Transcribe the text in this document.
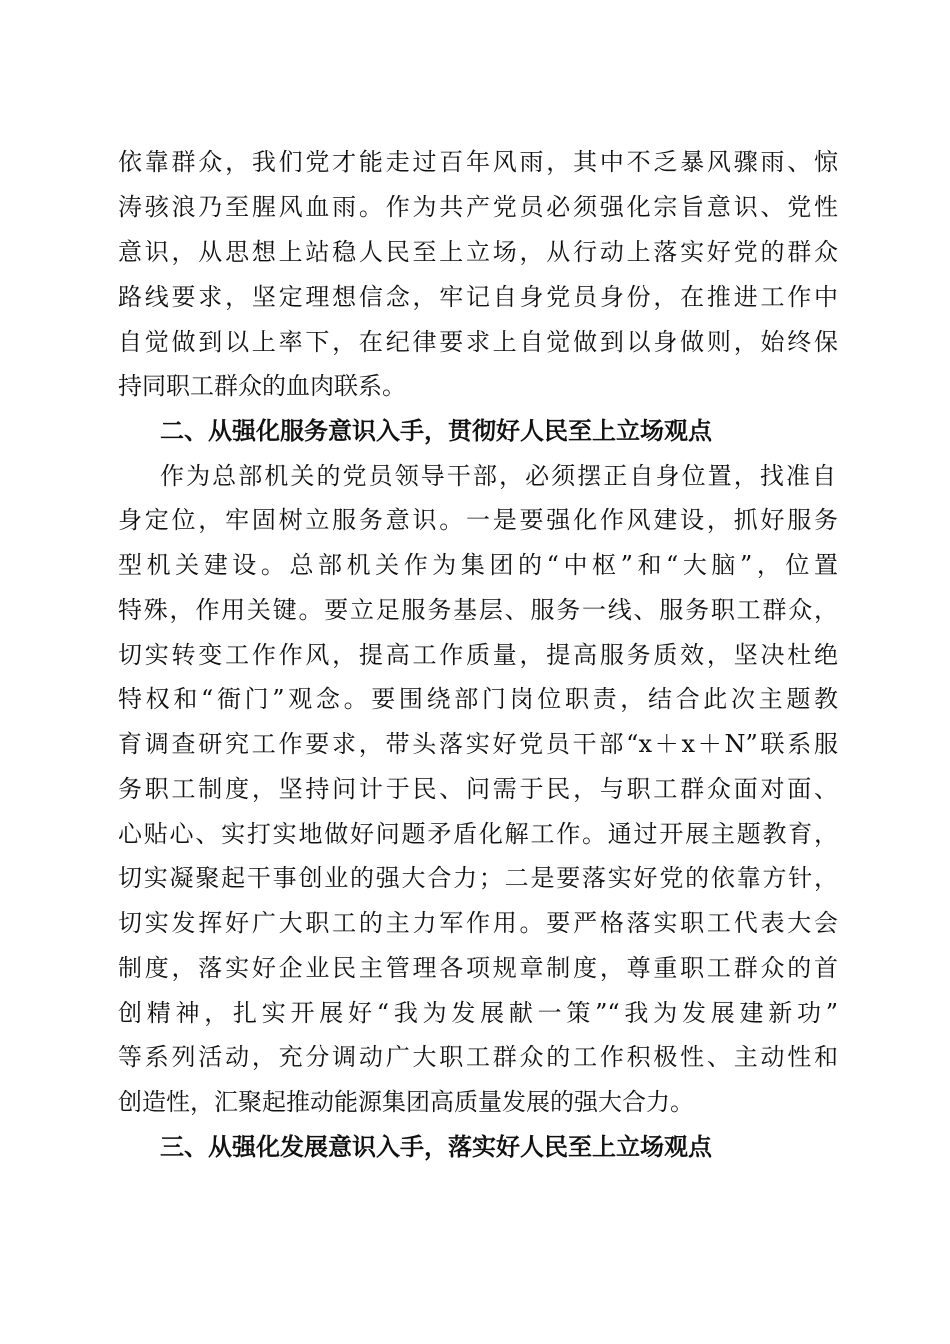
依靠群众，我们党才能走过百年风雨，其中不乏暴风骤雨、惊
涛骇浪乃至腥风血雨。作为共产党员必须强化宗旨意识、党性
意识，从思想上站稳人民至上立场，从行动上落实好党的群众
路线要求，坚定理想信念，牢记自身党员身份，在推进工作中
自觉做到以上率下，在纪律要求上自觉做到以身做则，始终保
持同职工群众的血肉联系。
二、从强化服务意识入手，贯彻好人民至上立场观点
作为总部机关的党员领导干部，必须摆正自身位置，找准自
身定位，牢固树立服务意识。一是要强化作风建设，抓好服务
型机关建设。总部机关作为集团的“中枢”和“大脑”，位置
特殊，作用关键。要立足服务基层、服务一线、服务职工群众，
切实转变工作作风，提高工作质量，提高服务质效，坚决杜绝
特权和“衙门”观念。要围绕部门岗位职责，结合此次主题教
育调查研究工作要求，带头落实好党员干部“x＋x＋N”联系服
务职工制度，坚持问计于民、问需于民，与职工群众面对面、
心贴心、实打实地做好问题矛盾化解工作。通过开展主题教育，
切实凝聚起干事创业的强大合力；二是要落实好党的依靠方针，
切实发挥好广大职工的主力军作用。要严格落实职工代表大会
制度，落实好企业民主管理各项规章制度，尊重职工群众的首
创精神，扎实开展好“我为发展献一策”“我为发展建新功”
等系列活动，充分调动广大职工群众的工作积极性、主动性和
创造性，汇聚起推动能源集团高质量发展的强大合力。
三、从强化发展意识入手，落实好人民至上立场观点
